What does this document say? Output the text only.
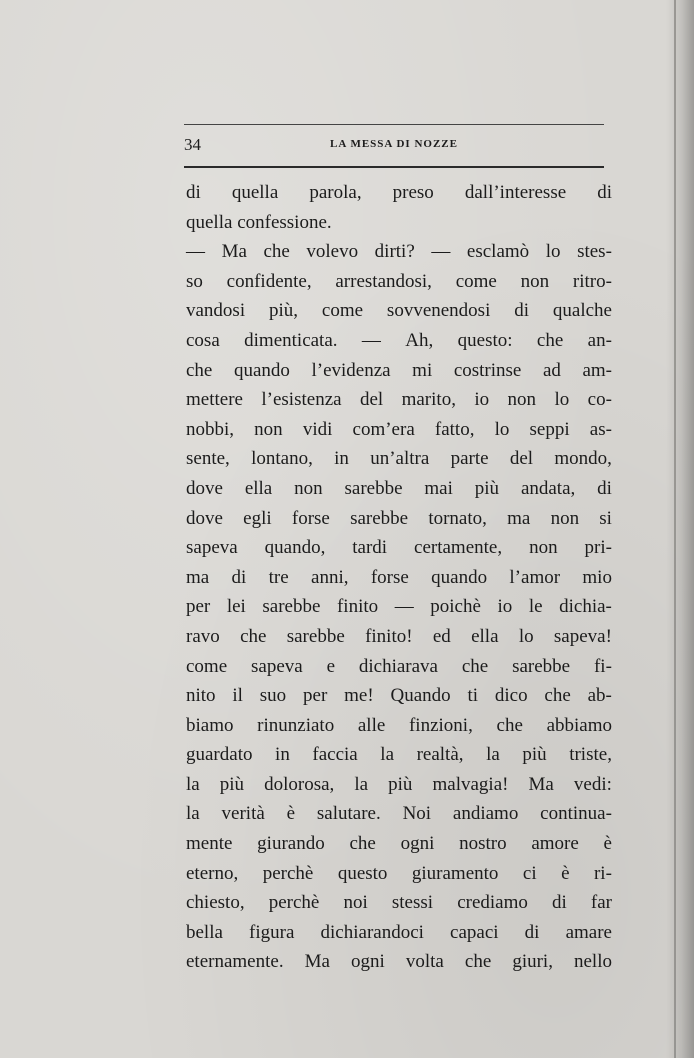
34	LA MESSA DI NOZZE
di quella parola, preso dall’interesse di
quella confessione.
— Ma che volevo dirti? — esclamò lo stes-
so confidente, arrestandosi, come non ritro-
vandosi più, come sovvenendosi di qualche
cosa dimenticata. — Ah, questo: che an-
che quando l’evidenza mi costrinse ad am-
mettere l’esistenza del marito, io non lo co-
nobbi, non vidi com’era fatto, lo seppi as-
sente, lontano, in un’altra parte del mondo,
dove ella non sarebbe mai più andata, di
dove egli forse sarebbe tornato, ma non si
sapeva quando, tardi certamente, non pri-
ma di tre anni, forse quando l’amor mio
per lei sarebbe finito — poichè io le dichia-
ravo che sarebbe finito! ed ella lo sapeva!
come sapeva e dichiarava che sarebbe fi-
nito il suo per me! Quando ti dico che ab-
biamo rinunziato alle finzioni, che abbiamo
guardato in faccia la realtà, la più triste,
la più dolorosa, la più malvagia! Ma vedi:
la verità è salutare. Noi andiamo continua-
mente giurando che ogni nostro amore è
eterno, perchè questo giuramento ci è ri-
chiesto, perchè noi stessi crediamo di far
bella figura dichiarandoci capaci di amare
eternamente. Ma ogni volta che giuri, nello
